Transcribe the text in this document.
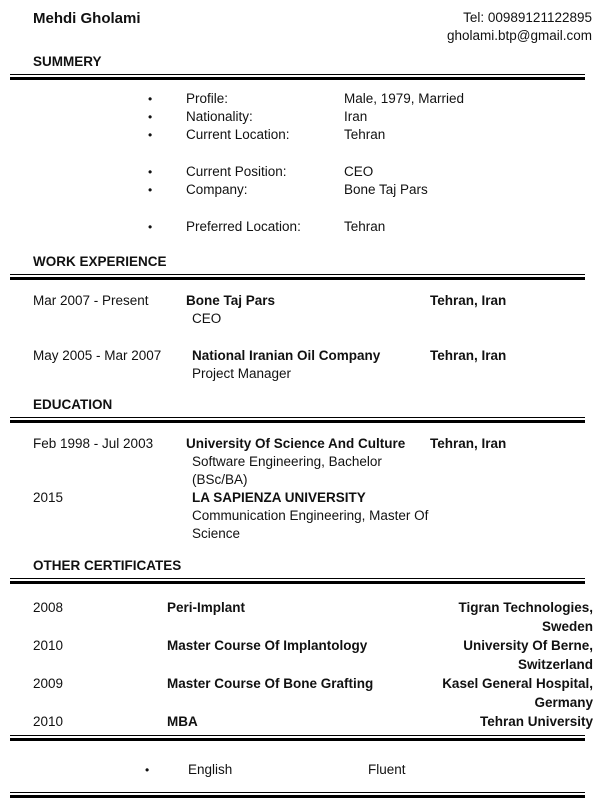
Mehdi Gholami	Tel: 00989121122895
gholami.btp@gmail.com
SUMMERY
•	Profile:	Male, 1979, Married
•	Nationality:	Iran
•	Current Location:	Tehran
•	Current Position:	CEO
•	Company:	Bone Taj Pars
•	Preferred Location:	Tehran
WORK EXPERIENCE
Mar 2007 - Present	Bone Taj Pars	Tehran, Iran
CEO
May 2005 - Mar 2007	National Iranian Oil Company	Tehran, Iran
Project Manager
EDUCATION
Feb 1998 - Jul 2003	University Of Science And Culture	Tehran, Iran
Software Engineering, Bachelor (BSc/BA)
2015	LA SAPIENZA UNIVERSITY
Communication Engineering, Master Of Science
OTHER CERTIFICATES
2008	Peri-Implant	Tigran Technologies, Sweden
2010	Master Course Of Implantology	University Of Berne, Switzerland
2009	Master Course Of Bone Grafting	Kasel General Hospital, Germany
2010	MBA	Tehran University
•	English	Fluent
